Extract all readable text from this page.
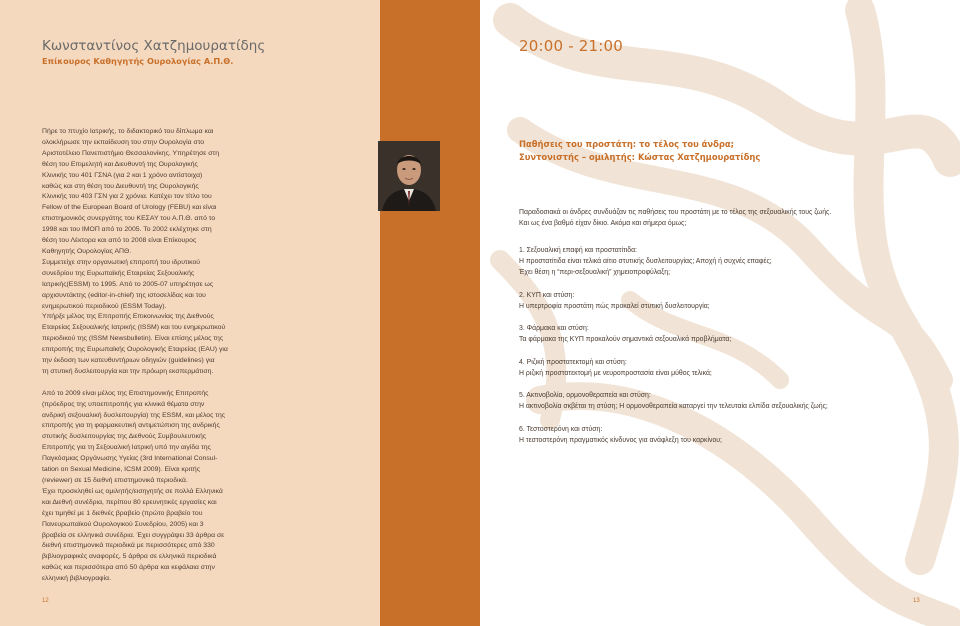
Κωνσταντίνος Χατζημουρατίδης
Επίκουρος Καθηγητής Ουρολογίας Α.Π.Θ.
Πήρε το πτυχίο Ιατρικής, το διδακτορικό του δίπλωμα και
ολοκλήρωσε την εκπαίδευση του στην Ουρολογία στο
Αριστοτέλειο Πανεπιστήμιο Θεσσαλονίκης. Υπηρέτησε στη
θέση του Επιμελητή και Διευθυντή της Ουρολογικής
Κλινικής του 401 ΓΣΝΑ (για 2 και 1 χρόνο αντίστοιχα)
καθώς και στη θέση του Διευθυντή της Ουρολογικής
Κλινικής του 403 ΓΣΝ για 2 χρόνια. Κατέχει τον τίτλο του
Fellow of the European Board of Urology (FEBU) και είναι
επιστημονικός συνεργάτης του ΚΕΣΑΥ του Α.Π.Θ. από το
1998 και του ΙΜΟΠ από το 2005. Το 2002 εκλέχτηκε στη
θέση του Λέκτορα και από το 2008 είναι Επίκουρος
Καθηγητής Ουρολογίας ΑΠΘ.
Συμμετείχε στην οργανωτική επιτροπή του ιδρυτικού
συνεδρίου της Ευρωπαϊκής Εταιρείας Σεξουαλικής
Ιατρικής(ESSM) το 1995. Από το 2005-07 υπηρέτησε ως
αρχισυντάκτης (editor-in-chief) της ιστοσελίδας και του
ενημερωτικού περιοδικού (ESSM Today).
Υπήρξε μέλος της Επιτροπής Επικοινωνίας της Διεθνούς
Εταιρείας Σεξουαλικής Ιατρικής (ISSM) και του ενημερωτικού
περιοδικού της (ISSM Newsbulletin). Είναι επίσης μέλος της
επιτροπής της Ευρωπαϊκής Ουρολογικής Εταιρείας (EAU) για
την έκδοση των κατευθυντήριων οδηγιών (guidelines) για
τη στυτική δυσλειτουργία και την πρόωρη εκσπερμάτιση.
Από το 2009 είναι μέλος της Επιστημονικής Επιτροπής
(πρόεδρος της υποεπιτροπής για κλινικά θέματα στην
ανδρική σεξουαλική δυσλειτουργία) της ESSM, και μέλος της
επιτροπής για τη φαρμακευτική αντιμετώπιση της ανδρικής
στυτικής δυσλειτουργίας της Διεθνούς Συμβουλευτικής
Επιτροπής για τη Σεξουαλική Ιατρική υπό την αιγίδα της
Παγκόσμιας Οργάνωσης Υγείας (3rd International Consul-
tation on Sexual Medicine, ICSM 2009). Είναι κριτής
(reviewer) σε 15 διεθνή επιστημονικά περιοδικά.
Έχει προσκληθεί ως ομιλητής/εισηγητής σε πολλά Ελληνικά
και Διεθνή συνέδρια, περίπου 80 ερευνητικές εργασίες και
έχει τιμηθεί με 1 διεθνές βραβείο (πρώτο βραβείο του
Πανευρωπαϊκού Ουρολογικού Συνεδρίου, 2005) και 3
βραβεία σε ελληνικά συνέδρια. Έχει συγγράψει 33 άρθρα σε
διεθνή επιστημονικά περιοδικά με περισσότερες από 330
βιβλιογραφικές αναφορές, 5 άρθρα σε ελληνικά περιοδικά
καθώς και περισσότερα από 50 άρθρα και κεφάλαια στην
ελληνική βιβλιογραφία.
12	13
20:00 - 21:00
Παθήσεις του προστάτη: το τέλος του άνδρα;
Συντονιστής – ομιλητής: Κώστας Χατζημουρατίδης
Παραδοσιακά οι άνδρες συνδυάζαν τις παθήσεις του προστάτη με το τέλος της σεξουαλικής τους ζωής.
Και ως ένα βαθμό είχαν δίκιο. Ακόμα και σήμερα όμως;
1. Σεξουαλική επαφή και προστατίτιδα:
Η προστατίτιδα είναι τελικά αίτιο στυτικής δυσλειτουργίας; Αποχή ή συχνές επαφές;
Έχει θέση η “περι-σεξουαλική” χημειοπροφύλαξη;
2. ΚΥΠ και στύση:
Η υπερτροφία προστάτη πώς προκαλεί στυτική δυσλειτουργία;
3. Φάρμακα και στύση:
Τα φάρμακα της ΚΥΠ προκαλούν σημαντικά σεξουαλικά προβλήματα;
4. Ριζική προστατεκτομή και στύση:
Η ριζική προστατεκτομή με νευροπροστασία είναι μύθος τελικά;
5. Ακτινοβολία, ορμονοθεραπεία και στύση:
Η ακτινοβολία σκβέται τη στύση; Η ορμονοθεραπεία καταργεί την τελευταία ελπίδα σεξουαλικής ζωής;
6. Τεστοστερόνη και στύση:
Η τεστοστερόνη πραγματικός κίνδυνος για ανάφλεξη του καρκίνου;
